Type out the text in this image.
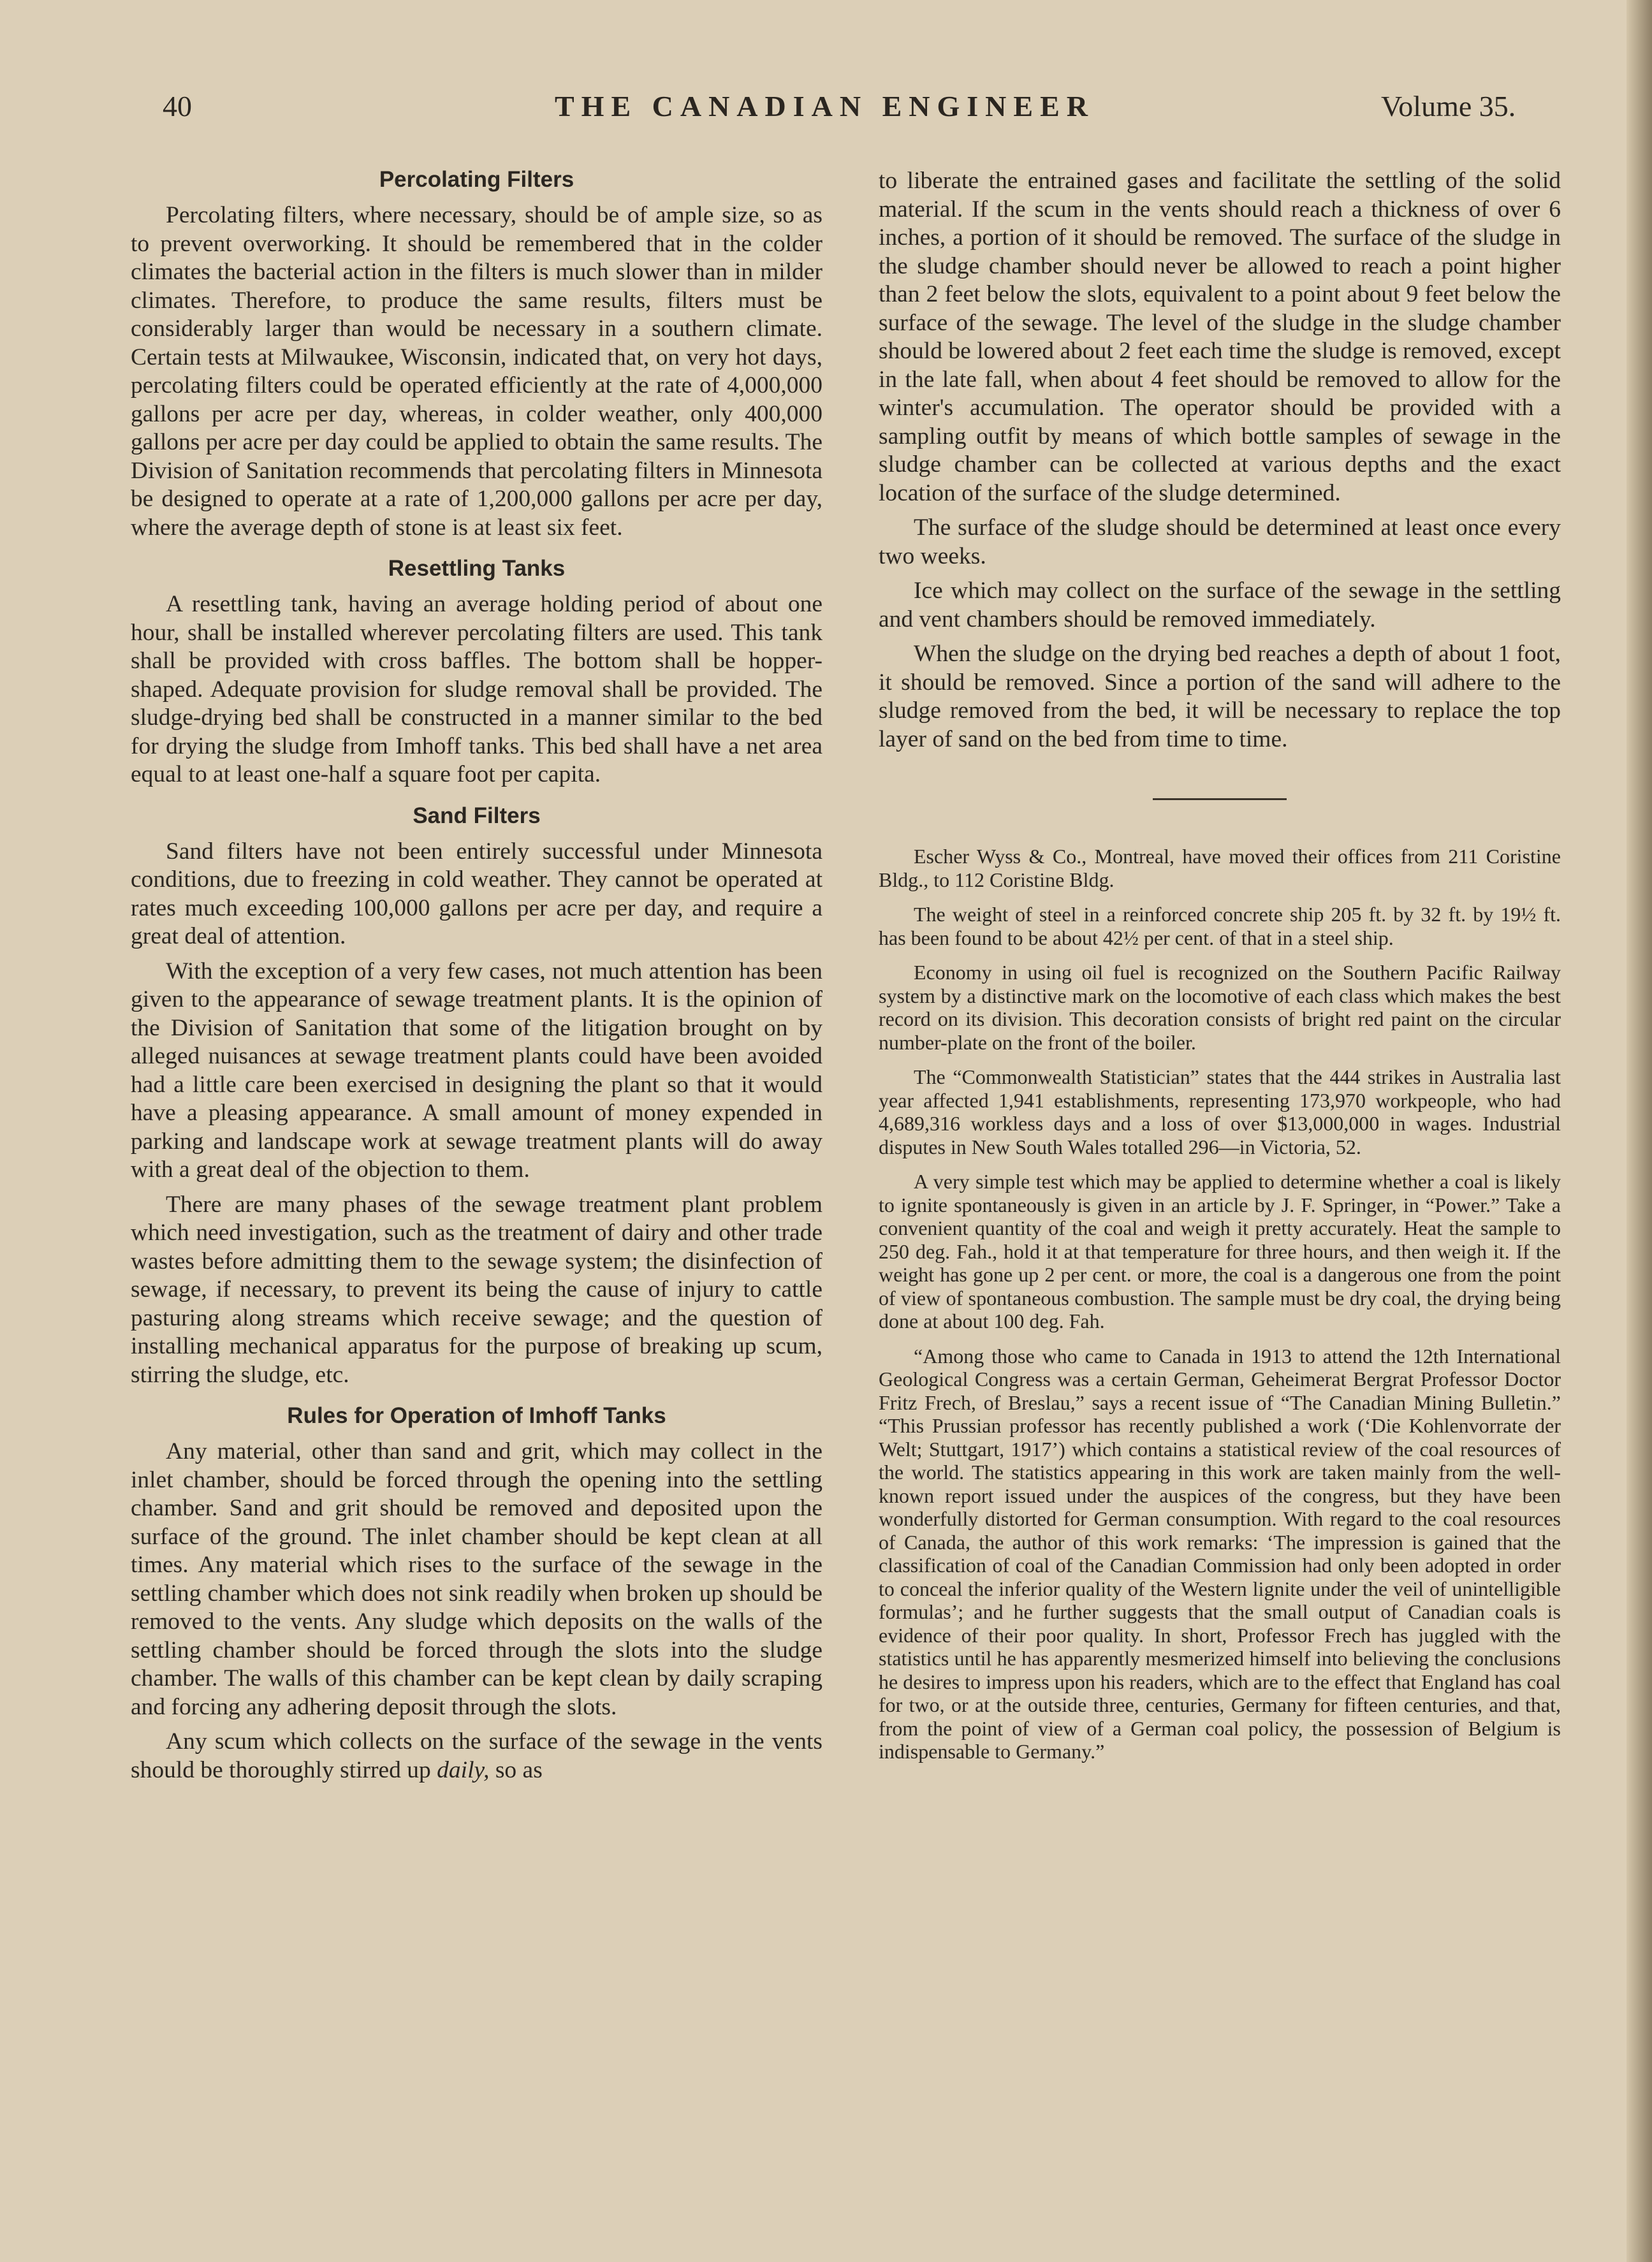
40	THE CANADIAN ENGINEER	Volume 35.
Percolating Filters

Percolating filters, where necessary, should be of ample size, so as to prevent overworking. It should be remembered that in the colder climates the bacterial action in the filters is much slower than in milder climates. Therefore, to produce the same results, filters must be considerably larger than would be necessary in a southern climate. Certain tests at Milwaukee, Wisconsin, indicated that, on very hot days, percolating filters could be operated efficiently at the rate of 4,000,000 gallons per acre per day, whereas, in colder weather, only 400,000 gallons per acre per day could be applied to obtain the same results. The Division of Sanitation recommends that percolating filters in Minnesota be designed to operate at a rate of 1,200,000 gallons per acre per day, where the average depth of stone is at least six feet.

Resettling Tanks

A resettling tank, having an average holding period of about one hour, shall be installed wherever percolating filters are used. This tank shall be provided with cross baffles. The bottom shall be hopper-shaped. Adequate provision for sludge removal shall be provided. The sludge-drying bed shall be constructed in a manner similar to the bed for drying the sludge from Imhoff tanks. This bed shall have a net area equal to at least one-half a square foot per capita.

Sand Filters

Sand filters have not been entirely successful under Minnesota conditions, due to freezing in cold weather. They cannot be operated at rates much exceeding 100,000 gallons per acre per day, and require a great deal of attention.

With the exception of a very few cases, not much attention has been given to the appearance of sewage treatment plants. It is the opinion of the Division of Sanitation that some of the litigation brought on by alleged nuisances at sewage treatment plants could have been avoided had a little care been exercised in designing the plant so that it would have a pleasing appearance. A small amount of money expended in parking and landscape work at sewage treatment plants will do away with a great deal of the objection to them.

There are many phases of the sewage treatment plant problem which need investigation, such as the treatment of dairy and other trade wastes before admitting them to the sewage system; the disinfection of sewage, if necessary, to prevent its being the cause of injury to cattle pasturing along streams which receive sewage; and the question of installing mechanical apparatus for the purpose of breaking up scum, stirring the sludge, etc.

Rules for Operation of Imhoff Tanks

Any material, other than sand and grit, which may collect in the inlet chamber, should be forced through the opening into the settling chamber. Sand and grit should be removed and deposited upon the surface of the ground. The inlet chamber should be kept clean at all times. Any material which rises to the surface of the sewage in the settling chamber which does not sink readily when broken up should be removed to the vents. Any sludge which deposits on the walls of the settling chamber should be forced through the slots into the sludge chamber. The walls of this chamber can be kept clean by daily scraping and forcing any adhering deposit through the slots.

Any scum which collects on the surface of the sewage in the vents should be thoroughly stirred up daily, so as

to liberate the entrained gases and facilitate the settling of the solid material. If the scum in the vents should reach a thickness of over 6 inches, a portion of it should be removed. The surface of the sludge in the sludge chamber should never be allowed to reach a point higher than 2 feet below the slots, equivalent to a point about 9 feet below the surface of the sewage. The level of the sludge in the sludge chamber should be lowered about 2 feet each time the sludge is removed, except in the late fall, when about 4 feet should be removed to allow for the winter's accumulation. The operator should be provided with a sampling outfit by means of which bottle samples of sewage in the sludge chamber can be collected at various depths and the exact location of the surface of the sludge determined.

The surface of the sludge should be determined at least once every two weeks.

Ice which may collect on the surface of the sewage in the settling and vent chambers should be removed immediately.

When the sludge on the drying bed reaches a depth of about 1 foot, it should be removed. Since a portion of the sand will adhere to the sludge removed from the bed, it will be necessary to replace the top layer of sand on the bed from time to time.

Escher Wyss & Co., Montreal, have moved their offices from 211 Coristine Bldg., to 112 Coristine Bldg.

The weight of steel in a reinforced concrete ship 205 ft. by 32 ft. by 19½ ft. has been found to be about 42½ per cent. of that in a steel ship.

Economy in using oil fuel is recognized on the Southern Pacific Railway system by a distinctive mark on the locomotive of each class which makes the best record on its division. This decoration consists of bright red paint on the circular number-plate on the front of the boiler.

The “Commonwealth Statistician” states that the 444 strikes in Australia last year affected 1,941 establishments, representing 173,970 workpeople, who had 4,689,316 workless days and a loss of over $13,000,000 in wages. Industrial disputes in New South Wales totalled 296—in Victoria, 52.

A very simple test which may be applied to determine whether a coal is likely to ignite spontaneously is given in an article by J. F. Springer, in “Power.” Take a convenient quantity of the coal and weigh it pretty accurately. Heat the sample to 250 deg. Fah., hold it at that temperature for three hours, and then weigh it. If the weight has gone up 2 per cent. or more, the coal is a dangerous one from the point of view of spontaneous combustion. The sample must be dry coal, the drying being done at about 100 deg. Fah.

“Among those who came to Canada in 1913 to attend the 12th International Geological Congress was a certain German, Geheimerat Bergrat Professor Doctor Fritz Frech, of Breslau,” says a recent issue of “The Canadian Mining Bulletin.” “This Prussian professor has recently published a work (‘Die Kohlenvorrate der Welt; Stuttgart, 1917’) which contains a statistical review of the coal resources of the world. The statistics appearing in this work are taken mainly from the well-known report issued under the auspices of the congress, but they have been wonderfully distorted for German consumption. With regard to the coal resources of Canada, the author of this work remarks: ‘The impression is gained that the classification of coal of the Canadian Commission had only been adopted in order to conceal the inferior quality of the Western lignite under the veil of unintelligible formulas’; and he further suggests that the small output of Canadian coals is evidence of their poor quality. In short, Professor Frech has juggled with the statistics until he has apparently mesmerized himself into believing the conclusions he desires to impress upon his readers, which are to the effect that England has coal for two, or at the outside three, centuries, Germany for fifteen centuries, and that, from the point of view of a German coal policy, the possession of Belgium is indispensable to Germany.”
